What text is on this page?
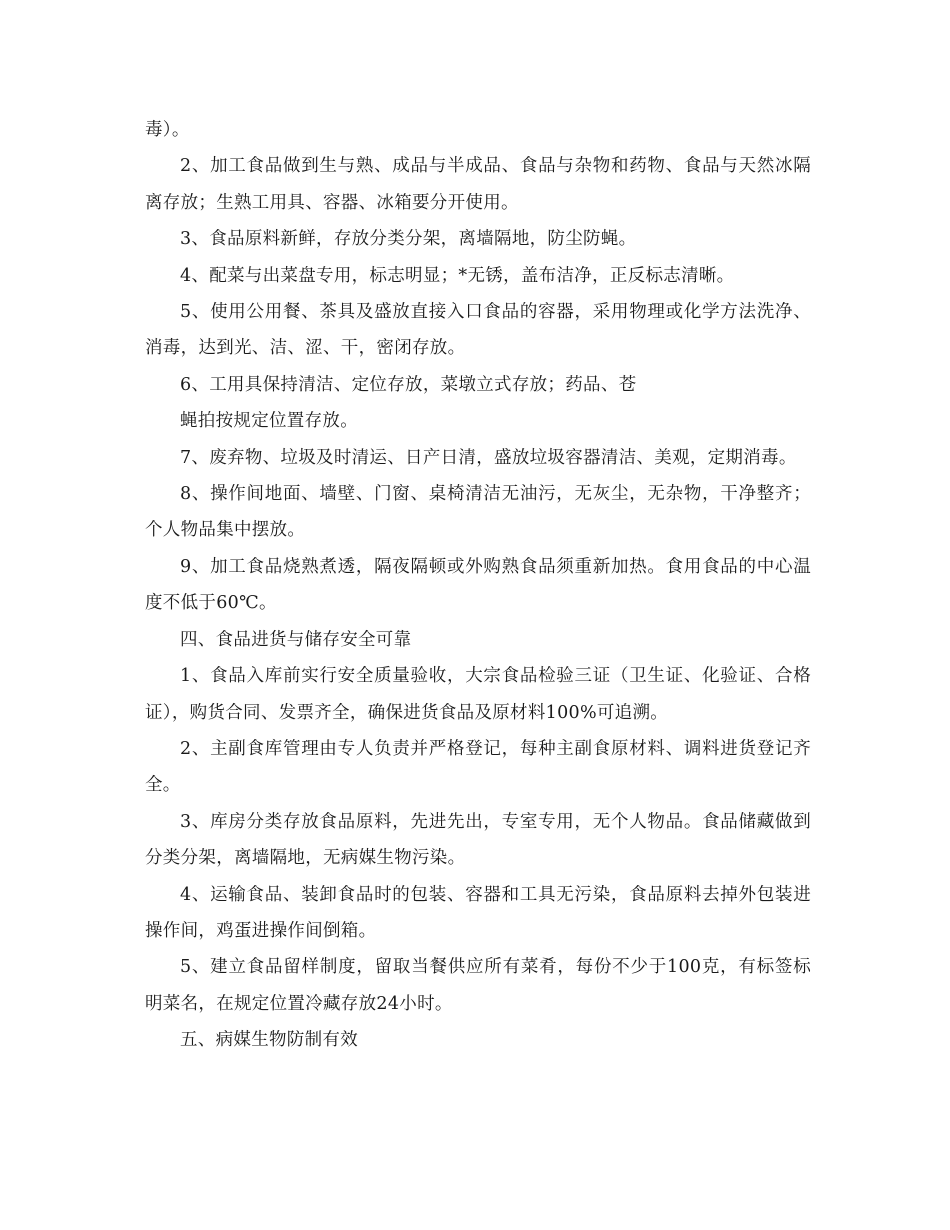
毒）。

2、加工食品做到生与熟、成品与半成品、食品与杂物和药物、食品与天然冰隔离存放；生熟工用具、容器、冰箱要分开使用。

3、食品原料新鲜，存放分类分架，离墙隔地，防尘防蝇。

4、配菜与出菜盘专用，标志明显；*无锈，盖布洁净，正反标志清晰。

5、使用公用餐、茶具及盛放直接入口食品的容器，采用物理或化学方法洗净、消毒，达到光、洁、涩、干，密闭存放。

6、工用具保持清洁、定位存放，菜墩立式存放；药品、苍

蝇拍按规定位置存放。

7、废弃物、垃圾及时清运、日产日清，盛放垃圾容器清洁、美观，定期消毒。

8、操作间地面、墙壁、门窗、桌椅清洁无油污，无灰尘，无杂物，干净整齐；个人物品集中摆放。

9、加工食品烧熟煮透，隔夜隔顿或外购熟食品须重新加热。食用食品的中心温度不低于60℃。

四、食品进货与储存安全可靠

1、食品入库前实行安全质量验收，大宗食品检验三证（卫生证、化验证、合格证），购货合同、发票齐全，确保进货食品及原材料100%可追溯。

2、主副食库管理由专人负责并严格登记，每种主副食原材料、调料进货登记齐全。

3、库房分类存放食品原料，先进先出，专室专用，无个人物品。食品储藏做到分类分架，离墙隔地，无病媒生物污染。

4、运输食品、装卸食品时的包装、容器和工具无污染，食品原料去掉外包装进操作间，鸡蛋进操作间倒箱。

5、建立食品留样制度，留取当餐供应所有菜肴，每份不少于100克，有标签标明菜名，在规定位置冷藏存放24小时。

五、病媒生物防制有效
